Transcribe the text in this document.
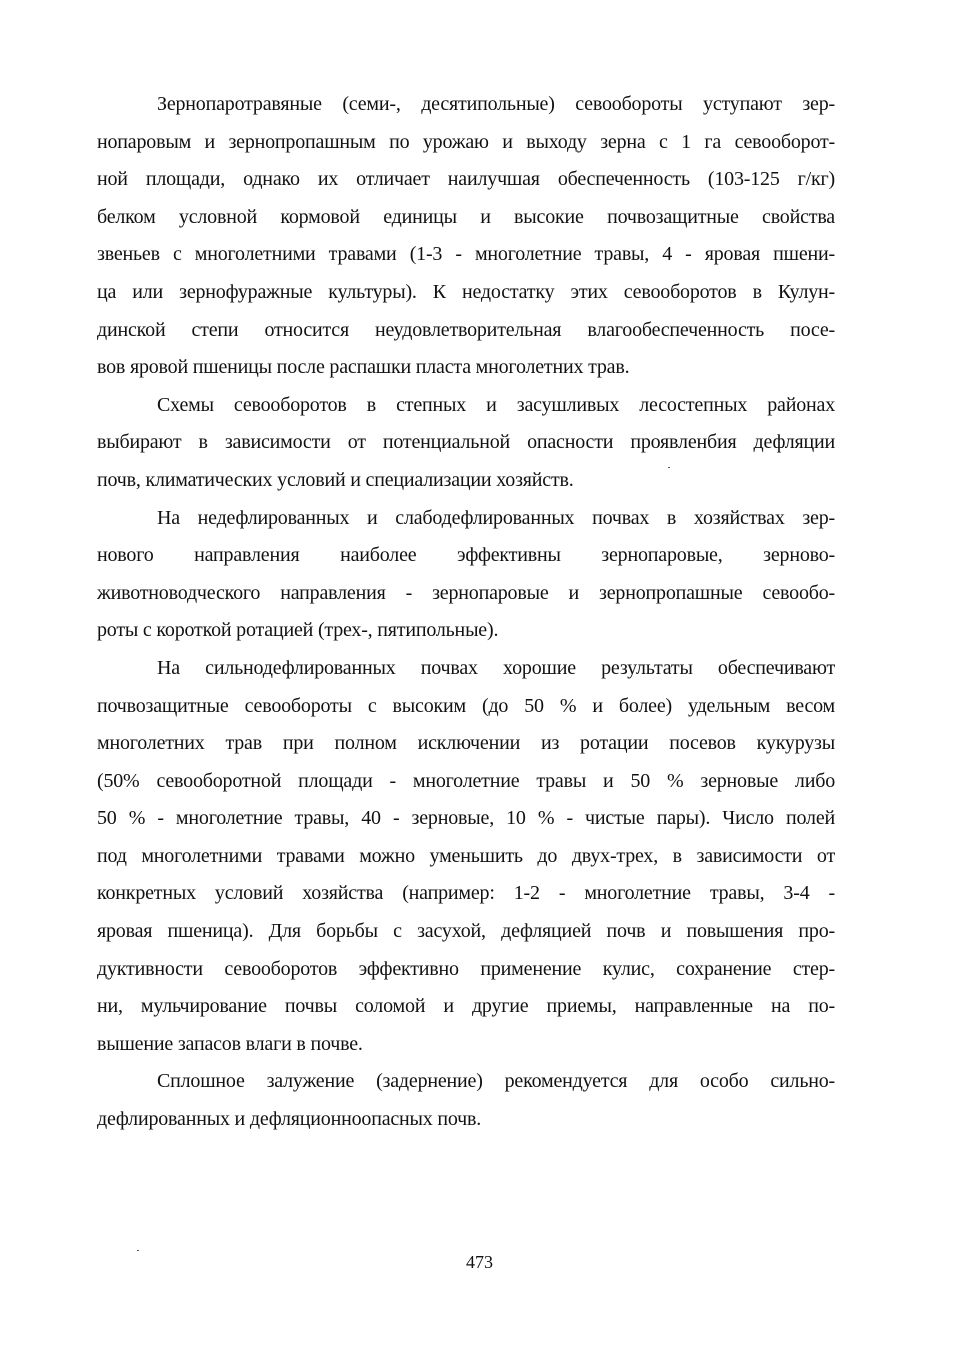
Зернопаротравяные (семи-, десятипольные) севообороты уступают зер-
нопаровым и зернопропашным по урожаю и выходу зерна с 1 га севооборот-
ной площади, однако их отличает наилучшая обеспеченность (103-125 г/кг)
белком условной кормовой единицы и высокие почвозащитные свойства
звеньев с многолетними травами (1-3 - многолетние травы, 4 - яровая пшени-
ца или зернофуражные культуры). К недостатку этих севооборотов в Кулун-
динской степи относится неудовлетворительная влагообеспеченность посе-
вов яровой пшеницы после распашки пласта многолетних трав.
Схемы севооборотов в степных и засушливых лесостепных районах
выбирают в зависимости от потенциальной опасности проявленбия дефляции
почв, климатических условий и специализации хозяйств.
На недефлированных и слабодефлированных почвах в хозяйствах зер-
нового направления наиболее эффективны зернопаровые, зерново-
животноводческого направления - зернопаровые и зернопропашные севообо-
роты с короткой ротацией (трех-, пятипольные).
На сильнодефлированных почвах хорошие результаты обеспечивают
почвозащитные севообороты с высоким (до 50 % и более) удельным весом
многолетних трав при полном исключении из ротации посевов кукурузы
(50% севооборотной площади - многолетние травы и 50 % зерновые либо
50 % - многолетние травы, 40 - зерновые, 10 % - чистые пары). Число полей
под многолетними травами можно уменьшить до двух-трех, в зависимости от
конкретных условий хозяйства (например: 1-2 - многолетние травы, 3-4 -
яровая пшеница). Для борьбы с засухой, дефляцией почв и повышения про-
дуктивности севооборотов эффективно применение кулис, сохранение стер-
ни, мульчирование почвы соломой и другие приемы, направленные на по-
вышение запасов влаги в почве.
Сплошное залужение (задернение) рекомендуется для особо сильно-
дефлированных и дефляционноопасных почв.
473
